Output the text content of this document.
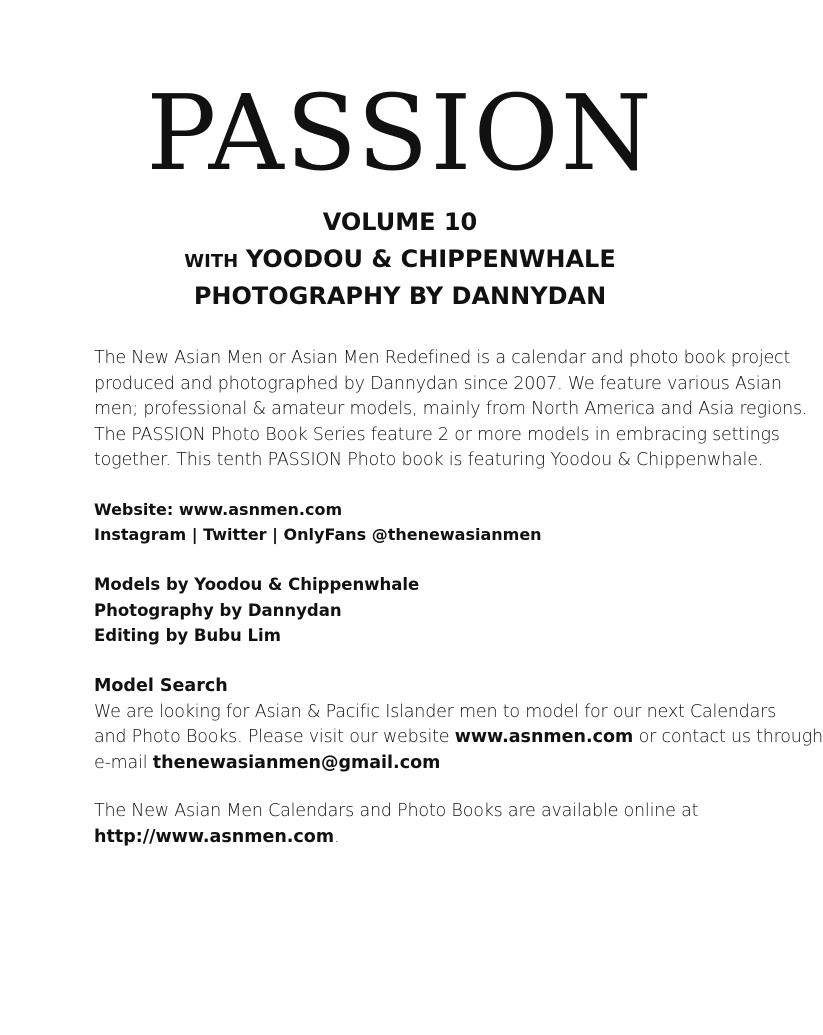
PASSION

VOLUME 10

WITH YOODOU & CHIPPENWHALE

PHOTOGRAPHY BY DANNYDAN

The New Asian Men or Asian Men Redefined is a calendar and photo book project
produced and photographed by Dannydan since 2007. We feature various Asian
men; professional & amateur models, mainly from North America and Asia regions.
The PASSION Photo Book Series feature 2 or more models in embracing settings
together. This tenth PASSION Photo book is featuring Yoodou & Chippenwhale.
Website: www.asnmen.com
Instagram | Twitter | OnlyFans @thenewasianmen
Models by Yoodou & Chippenwhale
Photography by Dannydan
Editing by Bubu Lim
Model Search
We are looking for Asian & Pacific Islander men to model for our next Calendars
and Photo Books. Please visit our website www.asnmen.com or contact us through
e-mail thenewasianmen@gmail.com
The New Asian Men Calendars and Photo Books are available online at
http://www.asnmen.com.
